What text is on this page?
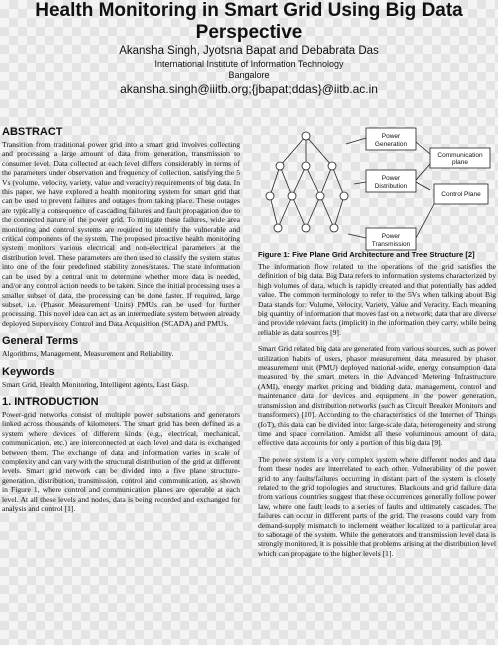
Health Monitoring in Smart Grid Using Big Data
Perspective
Akansha Singh, Jyotsna Bapat and Debabrata Das
International Institute of Information Technology
Bangalore
akansha.singh@iiitb.org;{jbapat;ddas}@iitb.ac.in
ABSTRACT

Transition from traditional power grid into a smart grid involves collecting and processing a large amount of data from generation, transmission to consumer level. Data collected at each level differs considerably in terms of the parameters under observation and frequency of collection, satisfying the 5 Vs (volume, velocity, variety, value and veracity) requirements of big data. In this paper, we have explored a health monitoring system for smart grid that can be used to prevent failures and outages from taking place. These outages are typically a consequence of cascading failures and fault propagation due to the connected nature of the power grid. To mitigate these failures, wide area monitoring and control systems are required to identify the vulnerable and critical components of the system. The proposed proactive health monitoring system monitors various electrical and non-electrical parameters at the distribution level. These parameters are then used to classify the system status into one of the four predefined stability zones/states. The state information can be used by a central unit to determine whether more data is needed, and/or any control action needs to be taken. Since the initial processing uses a smaller subset of data, the processing can be done faster. If required, large subset, i.e. (Phasor Measurement Units) PMUs can be used for further processing. This novel idea can act as an intermediate system between already deployed Supervisory Control and Data Acquisition (SCADA) and PMUs.

General Terms

Algorithms, Management, Measurement and Reliability.

Keywords

Smart Grid, Health Monitoring, Intelligent agents, Last Gasp.

1. INTRODUCTION

Power-grid networks consist of multiple power substations and generators linked across thousands of kilometers. The smart grid has been defined as a system where devices of different kinds (e.g., electrical, mechanical, communication, etc.) are interconnected at each level and data is exchanged between them. The exchange of data and information varies in scale of complexity and can vary with the structural distribution of the grid at different levels. Smart grid network can be divided into a five plane structure-generation, distribution, transmission, control and communication, as shown in Figure 1, where control and communication planes are operable at each level. At all these levels and nodes, data is being recorded and exchanged for analysis and control [1].

Power
Generation
Power
Distribution
Power
Transmission
Communication
plane
Control Plane
Figure 1: Five Plane Grid Architecture and Tree Structure [2]

The information flow related to the operations of the grid satisfies the definition of big data. Big Data refers to information systems characterized by high volumes of data, which is rapidly created and that potentially has added value. The common terminology to refer to the 5Vs when talking about Big Data stands for: Volume, Velocity, Variety, Value and Veracity. Each meaning big quantity of information that moves fast on a network; data that are diverse and provide relevant facts (implicit) in the information they carry, while being reliable as data sources [9].

Smart Grid related big data are generated from various sources, such as power utilization habits of users, phasor measurement data measured by phasor measurement unit (PMU) deployed national-wide, energy consumption data measured by the smart meters in the Advanced Metering Infrastructure (AMI), energy market pricing and bidding data, management, control and maintenance data for devices and equipment in the power generation, transmission and distribution networks (such as Circuit Breaker Monitors and transformers) [10]. According to the characteristics of the Internet of Things (IoT), this data can be divided into: large-scale data, heterogeneity and strong time and space correlation. Amidst all these voluminous amount of data, effective data accounts for only a portion of this big data [9].

The power system is a very complex system where different nodes and data from these nodes are interrelated to each other. Vulnerability of the power grid to any faults/failures occurring in distant part of the system is closely related to the grid topologies and structures. Blackouts and grid failure data from various countries suggest that these occurrences generally follow power law, where one fault leads to a series of faults and ultimately cascades. The failures can occur in different parts of the grid. The reasons could vary from demand-supply mismatch to inclement weather localized to a particular area to sabotage of the system. While the generators and transmission level data is strongly monitored, it is possible that problems arising at the distribution level which can propagate to the higher levels [1].
